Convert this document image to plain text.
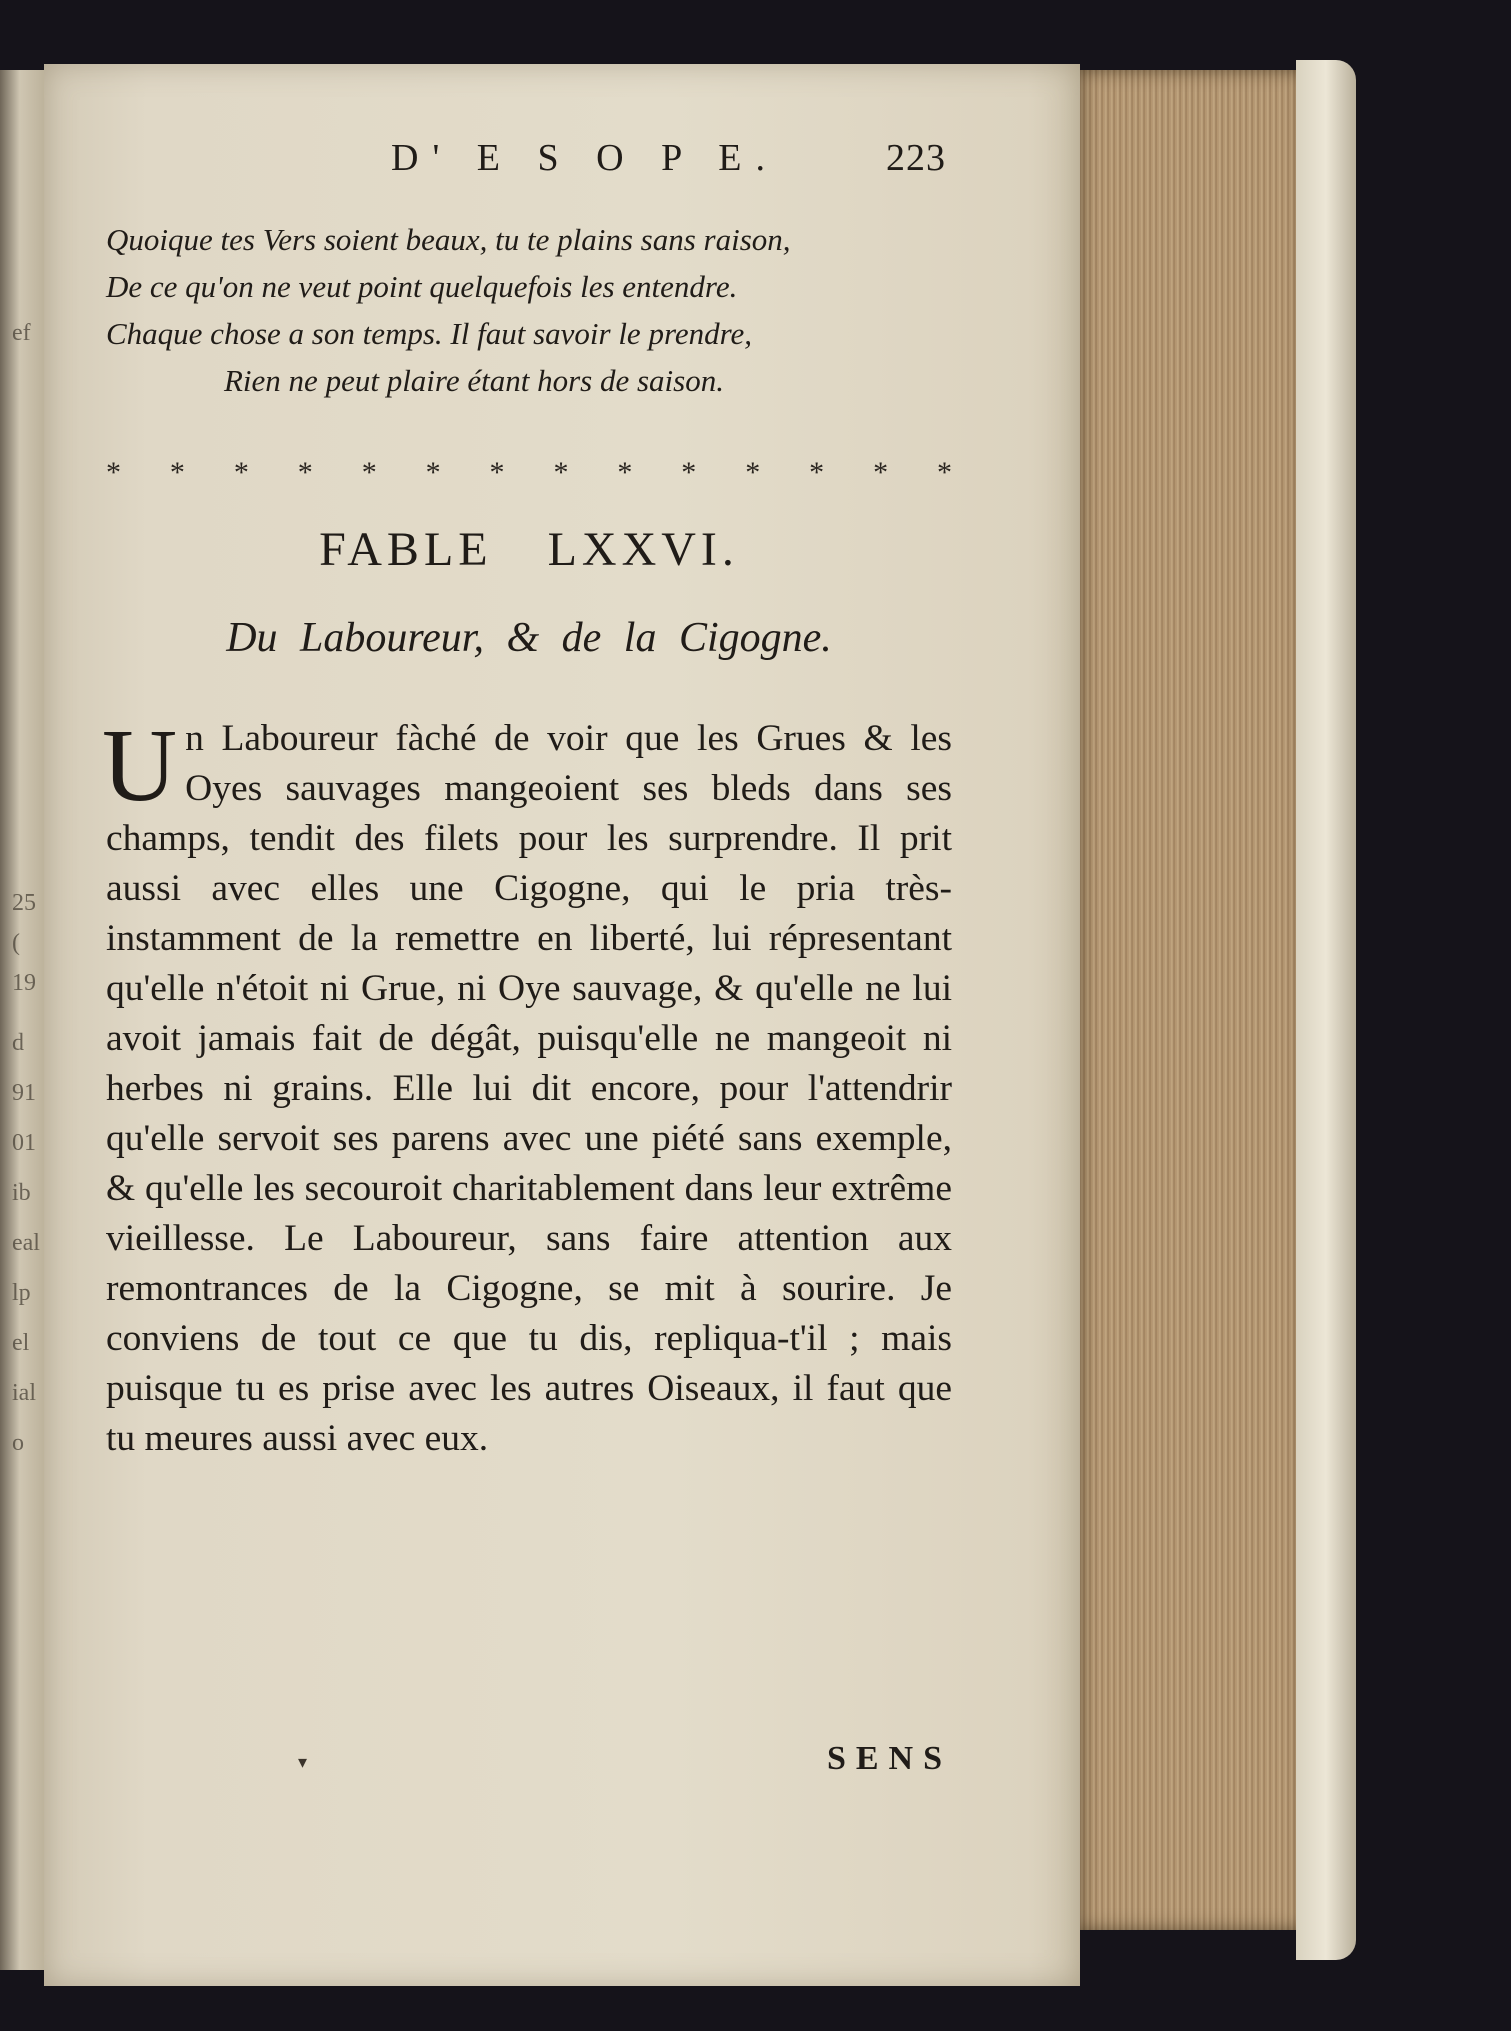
ef
25
(
19
d
91
01
ib
eal
lp
el
ial
o
D' E S O P E.	223
Quoique tes Vers soient beaux, tu te plains sans raison,
De ce qu'on ne veut point quelquefois les entendre.
Chaque chose a son temps. Il faut savoir le prendre,
Rien ne peut plaire étant hors de saison.
* * * * * * * * * * * * * *
FABLE LXXVI.
Du Laboureur, & de la Cigogne.
U n Laboureur fàché de voir que les Grues & les Oyes sauvages mangeoient ses bleds dans ses champs, tendit des filets pour les surprendre. Il prit aussi avec elles une Cigogne, qui le pria très-instamment de la remettre en liberté, lui répresentant qu'elle n'étoit ni Grue, ni Oye sauvage, & qu'elle ne lui avoit jamais fait de dégât, puisqu'elle ne mangeoit ni herbes ni grains. Elle lui dit encore, pour l'attendrir qu'elle servoit ses parens avec une piété sans exemple, & qu'elle les secouroit charitablement dans leur extrême vieillesse. Le Laboureur, sans faire attention aux remontrances de la Cigogne, se mit à sourire. Je conviens de tout ce que tu dis, repliqua-t'il ; mais puisque tu es prise avec les autres Oiseaux, il faut que tu meures aussi avec eux.
▾	SENS
